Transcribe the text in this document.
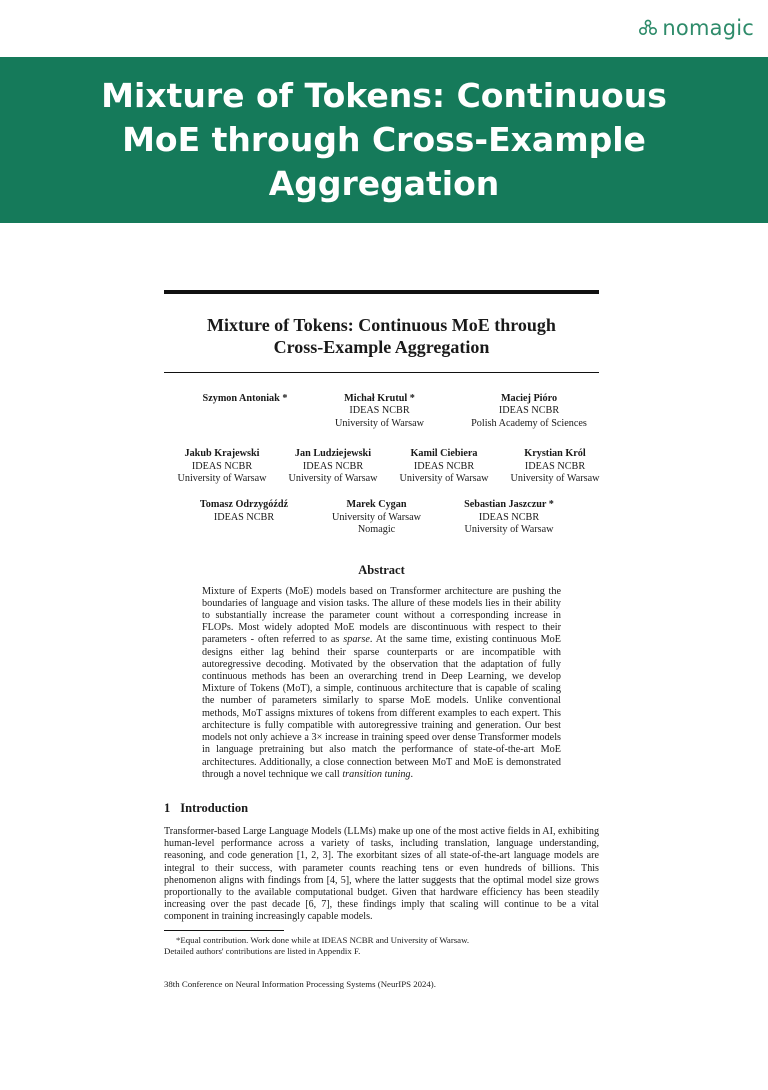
nomagic
Mixture of Tokens: Continuous MoE through Cross-Example Aggregation
Mixture of Tokens: Continuous MoE through
Cross-Example Aggregation
Szymon Antoniak *	Michał Krutul *
IDEAS NCBR
University of Warsaw
Maciej Pióro
IDEAS NCBR
Polish Academy of Sciences
Jakub Krajewski
IDEAS NCBR
University of Warsaw
Jan Ludziejewski
IDEAS NCBR
University of Warsaw
Kamil Ciebiera
IDEAS NCBR
University of Warsaw
Krystian Król
IDEAS NCBR
University of Warsaw
Tomasz Odrzygóźdź
IDEAS NCBR
Marek Cygan
University of Warsaw
Nomagic
Sebastian Jaszczur *
IDEAS NCBR
University of Warsaw
Abstract

Mixture of Experts (MoE) models based on Transformer architecture are pushing the boundaries of language and vision tasks. The allure of these models lies in their ability to substantially increase the parameter count without a corresponding increase in FLOPs. Most widely adopted MoE models are discontinuous with respect to their parameters - often referred to as sparse. At the same time, existing continuous MoE designs either lag behind their sparse counterparts or are incompatible with autoregressive decoding. Motivated by the observation that the adaptation of fully continuous methods has been an overarching trend in Deep Learning, we develop Mixture of Tokens (MoT), a simple, continuous architecture that is capable of scaling the number of parameters similarly to sparse MoE models. Unlike conventional methods, MoT assigns mixtures of tokens from different examples to each expert. This architecture is fully compatible with autoregressive training and generation. Our best models not only achieve a 3× increase in training speed over dense Transformer models in language pretraining but also match the performance of state-of-the-art MoE architectures. Additionally, a close connection between MoT and MoE is demonstrated through a novel technique we call transition tuning.

1 Introduction

Transformer-based Large Language Models (LLMs) make up one of the most active fields in AI, exhibiting human-level performance across a variety of tasks, including translation, language understanding, reasoning, and code generation [1, 2, 3]. The exorbitant sizes of all state-of-the-art language models are integral to their success, with parameter counts reaching tens or even hundreds of billions. This phenomenon aligns with findings from [4, 5], where the latter suggests that the optimal model size grows proportionally to the available computational budget. Given that hardware efficiency has been steadily increasing over the past decade [6, 7], these findings imply that scaling will continue to be a vital component in training increasingly capable models.

*Equal contribution. Work done while at IDEAS NCBR and University of Warsaw.

Detailed authors' contributions are listed in Appendix F.

38th Conference on Neural Information Processing Systems (NeurIPS 2024).
